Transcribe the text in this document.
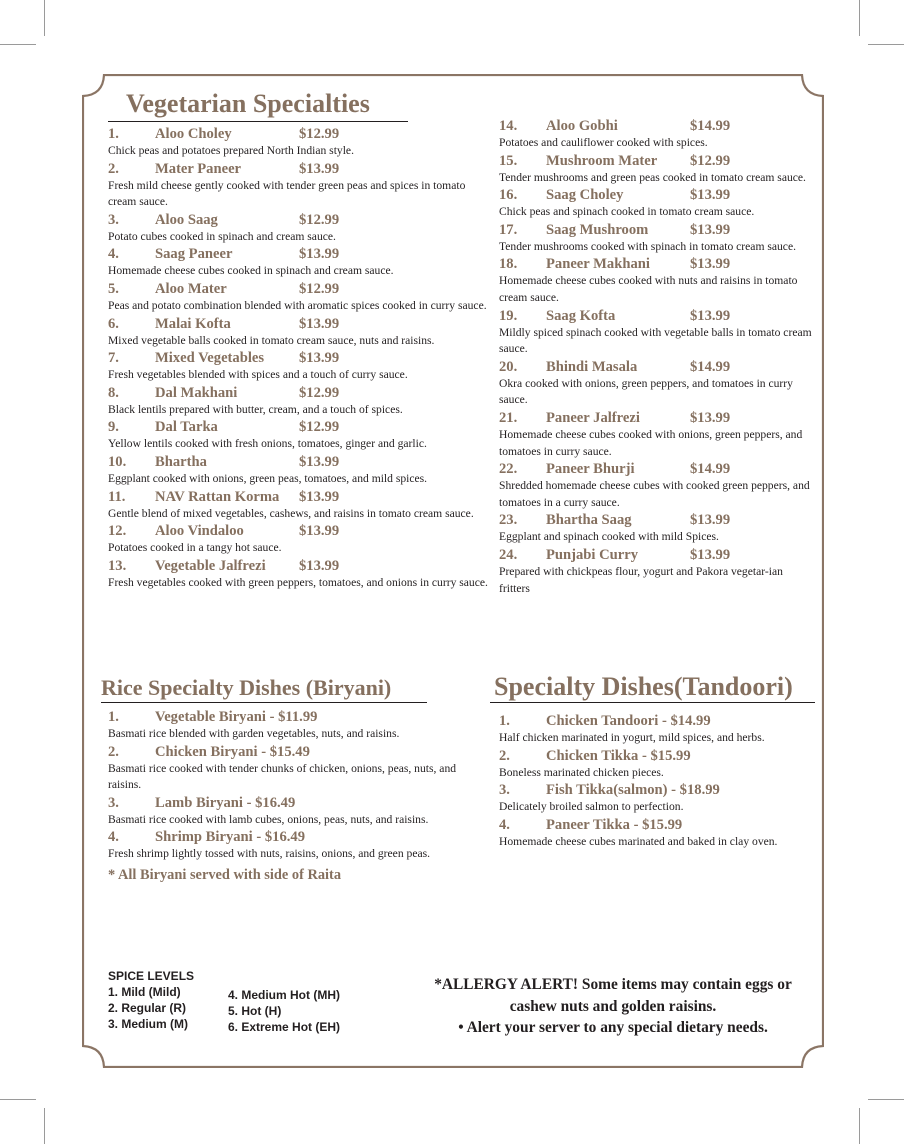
Vegetarian Specialties
1. Aloo Choley	$12.99
Chick peas and potatoes prepared North Indian style.
2. Mater Paneer	$13.99
Fresh mild cheese gently cooked with tender green peas and spices in tomato cream sauce.
3. Aloo Saag	$12.99
Potato cubes cooked in spinach and cream sauce.
4. Saag Paneer	$13.99
Homemade cheese cubes cooked in spinach and cream sauce.
5. Aloo Mater	$12.99
Peas and potato combination blended with aromatic spices cooked in curry sauce.
6. Malai Kofta	$13.99
Mixed vegetable balls cooked in tomato cream sauce, nuts and raisins.
7. Mixed Vegetables $13.99
Fresh vegetables blended with spices and a touch of curry sauce.
8. Dal Makhani	$12.99
Black lentils prepared with butter, cream, and a touch of spices.
9. Dal Tarka	$12.99
Yellow lentils cooked with fresh onions, tomatoes, ginger and garlic.
10. Bhartha	$13.99
Eggplant cooked with onions, green peas, tomatoes, and mild spices.
11. NAV Rattan Korma $13.99
Gentle blend of mixed vegetables, cashews, and raisins in tomato cream sauce.
12. Aloo Vindaloo	$13.99
Potatoes cooked in a tangy hot sauce.
13. Vegetable Jalfrezi $13.99
Fresh vegetables cooked with green peppers, tomatoes, and onions in curry sauce.
14. Aloo Gobhi	$14.99
Potatoes and cauliflower cooked with spices.
15. Mushroom Mater $12.99
Tender mushrooms and green peas cooked in tomato cream sauce.
16. Saag Choley	$13.99
Chick peas and spinach cooked in tomato cream sauce.
17. Saag Mushroom	$13.99
Tender mushrooms cooked with spinach in tomato cream sauce.
18. Paneer Makhani	$13.99
Homemade cheese cubes cooked with nuts and raisins in tomato cream sauce.
19. Saag Kofta	$13.99
Mildly spiced spinach cooked with vegetable balls in tomato cream sauce.
20. Bhindi Masala	$14.99
Okra cooked with onions, green peppers, and tomatoes in curry sauce.
21. Paneer Jalfrezi	$13.99
Homemade cheese cubes cooked with onions, green peppers, and
tomatoes in curry sauce.
22. Paneer Bhurji	$14.99
Shredded homemade cheese cubes with cooked green peppers, and tomatoes in a curry sauce.
23. Bhartha Saag	$13.99
Eggplant and spinach cooked with mild Spices.
24. Punjabi Curry	$13.99
Prepared with chickpeas flour, yogurt and Pakora vegetar-ian fritters
Rice Specialty Dishes (Biryani)
1. Vegetable Biryani - $11.99
Basmati rice blended with garden vegetables, nuts, and raisins.
2. Chicken Biryani - $15.49
Basmati rice cooked with tender chunks of chicken, onions, peas, nuts, and raisins.
3. Lamb Biryani - $16.49
Basmati rice cooked with lamb cubes, onions, peas, nuts, and raisins.
4. Shrimp Biryani - $16.49
Fresh shrimp lightly tossed with nuts, raisins, onions, and green peas.
* All Biryani served with side of Raita
Specialty Dishes(Tandoori)
1. Chicken Tandoori - $14.99
Half chicken marinated in yogurt, mild spices, and herbs.
2. Chicken Tikka - $15.99
Boneless marinated chicken pieces.
3. Fish Tikka(salmon) - $18.99
Delicately broiled salmon to perfection.
4. Paneer Tikka - $15.99
Homemade cheese cubes marinated and baked in clay oven.
SPICE LEVELS
1. Mild (Mild)
2. Regular (R)
3. Medium (M)
4. Medium Hot (MH)
5. Hot (H)
6. Extreme Hot (EH)
*ALLERGY ALERT! Some items may contain eggs or
cashew nuts and golden raisins.
• Alert your server to any special dietary needs.
